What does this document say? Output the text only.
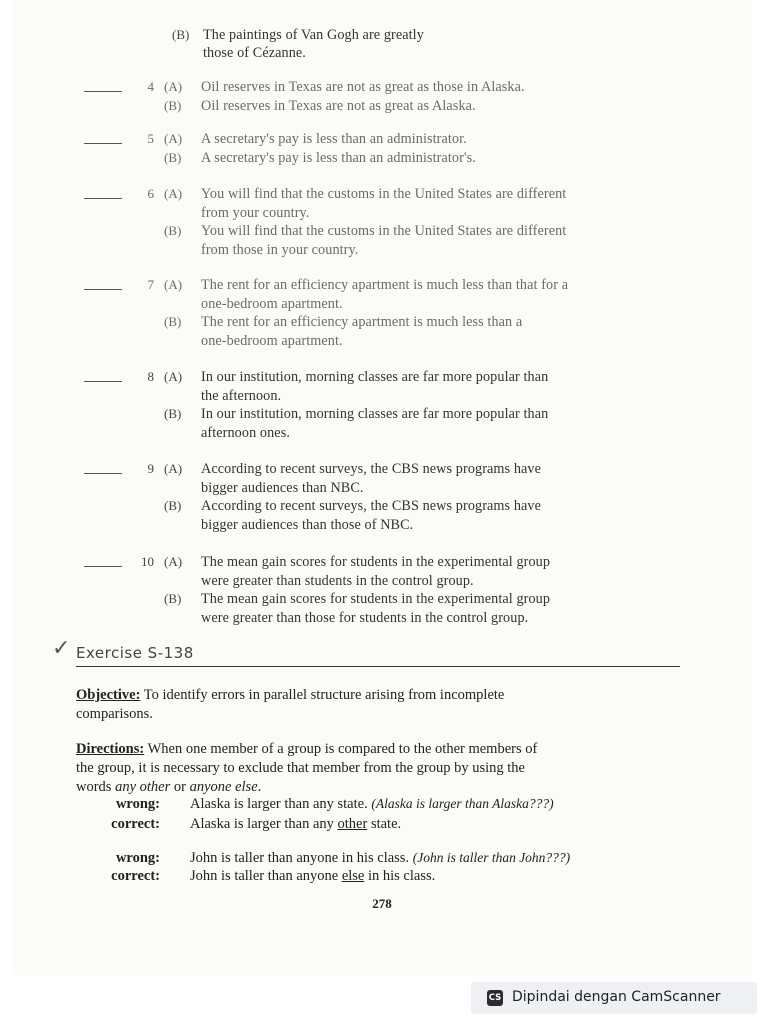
(B) The paintings of Van Gogh are greatly
those of Cézanne.
4 (A)	Oil reserves in Texas are not as great as those in Alaska.
(B)	Oil reserves in Texas are not as great as Alaska.
5 (A)	A secretary's pay is less than an administrator.
(B)	A secretary's pay is less than an administrator's.
6 (A)	You will find that the customs in the United States are different
from your country.
(B)	You will find that the customs in the United States are different
from those in your country.
7 (A)	The rent for an efficiency apartment is much less than that for a
one-bedroom apartment.
(B)	The rent for an efficiency apartment is much less than a
one-bedroom apartment.
8 (A)	In our institution, morning classes are far more popular than
the afternoon.
(B)	In our institution, morning classes are far more popular than
afternoon ones.
9 (A)	According to recent surveys, the CBS news programs have
bigger audiences than NBC.
(B)	According to recent surveys, the CBS news programs have
bigger audiences than those of NBC.
10 (A)	The mean gain scores for students in the experimental group
were greater than students in the control group.
(B)	The mean gain scores for students in the experimental group
were greater than those for students in the control group.
✓ Exercise S-138
Objective: To identify errors in parallel structure arising from incomplete
comparisons.
Directions: When one member of a group is compared to the other members of
the group, it is necessary to exclude that member from the group by using the
words any other or anyone else.
wrong: Alaska is larger than any state. (Alaska is larger than Alaska???)
correct: Alaska is larger than any other state.
wrong: John is taller than anyone in his class. (John is taller than John???)
correct: John is taller than anyone else in his class.
278
CS Dipindai dengan CamScanner
